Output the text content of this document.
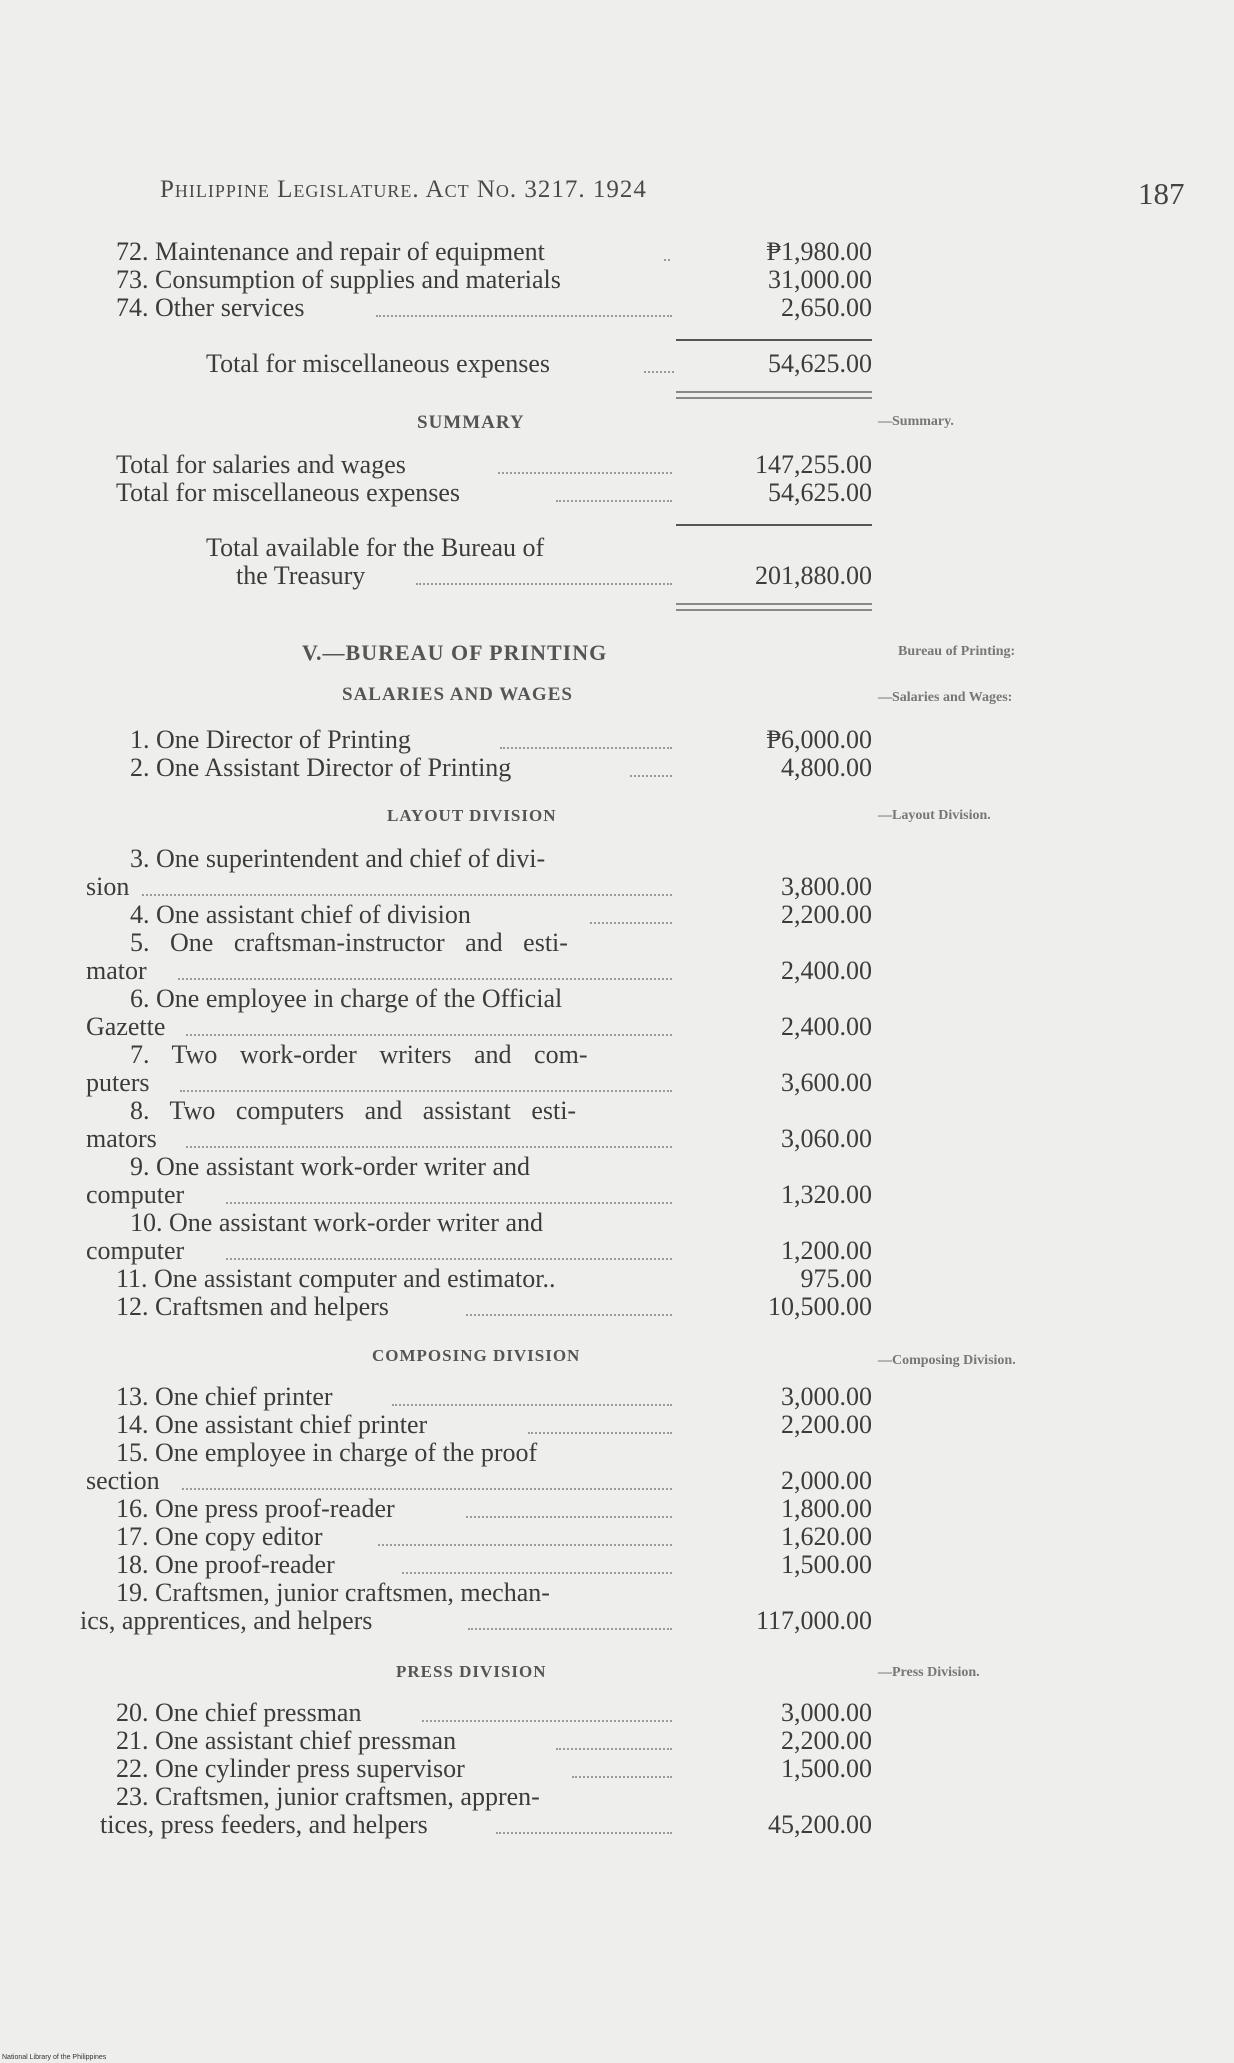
Philippine Legislature. Act No. 3217. 1924	187
72. Maintenance and repair of equipment	₱1,980.00
73. Consumption of supplies and materials	31,000.00
74. Other services	2,650.00
Total for miscellaneous expenses	54,625.00
SUMMARY	—Summary.
Total for salaries and wages	147,255.00
Total for miscellaneous expenses	54,625.00
Total available for the Bureau of
the Treasury	201,880.00
V.—BUREAU OF PRINTING	Bureau of Printing:
SALARIES AND WAGES	—Salaries and Wages:
1. One Director of Printing	₱6,000.00
2. One Assistant Director of Printing	4,800.00
LAYOUT DIVISION	—Layout Division.
3. One superintendent and chief of divi-
sion	3,800.00
4. One assistant chief of division	2,200.00
5. One craftsman-instructor and esti-
mator	2,400.00
6. One employee in charge of the Official
Gazette	2,400.00
7. Two work-order writers and com-
puters	3,600.00
8. Two computers and assistant esti-
mators	3,060.00
9. One assistant work-order writer and
computer	1,320.00
10. One assistant work-order writer and
computer	1,200.00
11. One assistant computer and estimator..	975.00
12. Craftsmen and helpers	10,500.00
COMPOSING DIVISION	—Composing Division.
13. One chief printer	3,000.00
14. One assistant chief printer	2,200.00
15. One employee in charge of the proof
section	2,000.00
16. One press proof-reader	1,800.00
17. One copy editor	1,620.00
18. One proof-reader	1,500.00
19. Craftsmen, junior craftsmen, mechan-
ics, apprentices, and helpers	117,000.00
PRESS DIVISION	—Press Division.
20. One chief pressman	3,000.00
21. One assistant chief pressman	2,200.00
22. One cylinder press supervisor	1,500.00
23. Craftsmen, junior craftsmen, appren-
tices, press feeders, and helpers	45,200.00
National Library of the Philippines
